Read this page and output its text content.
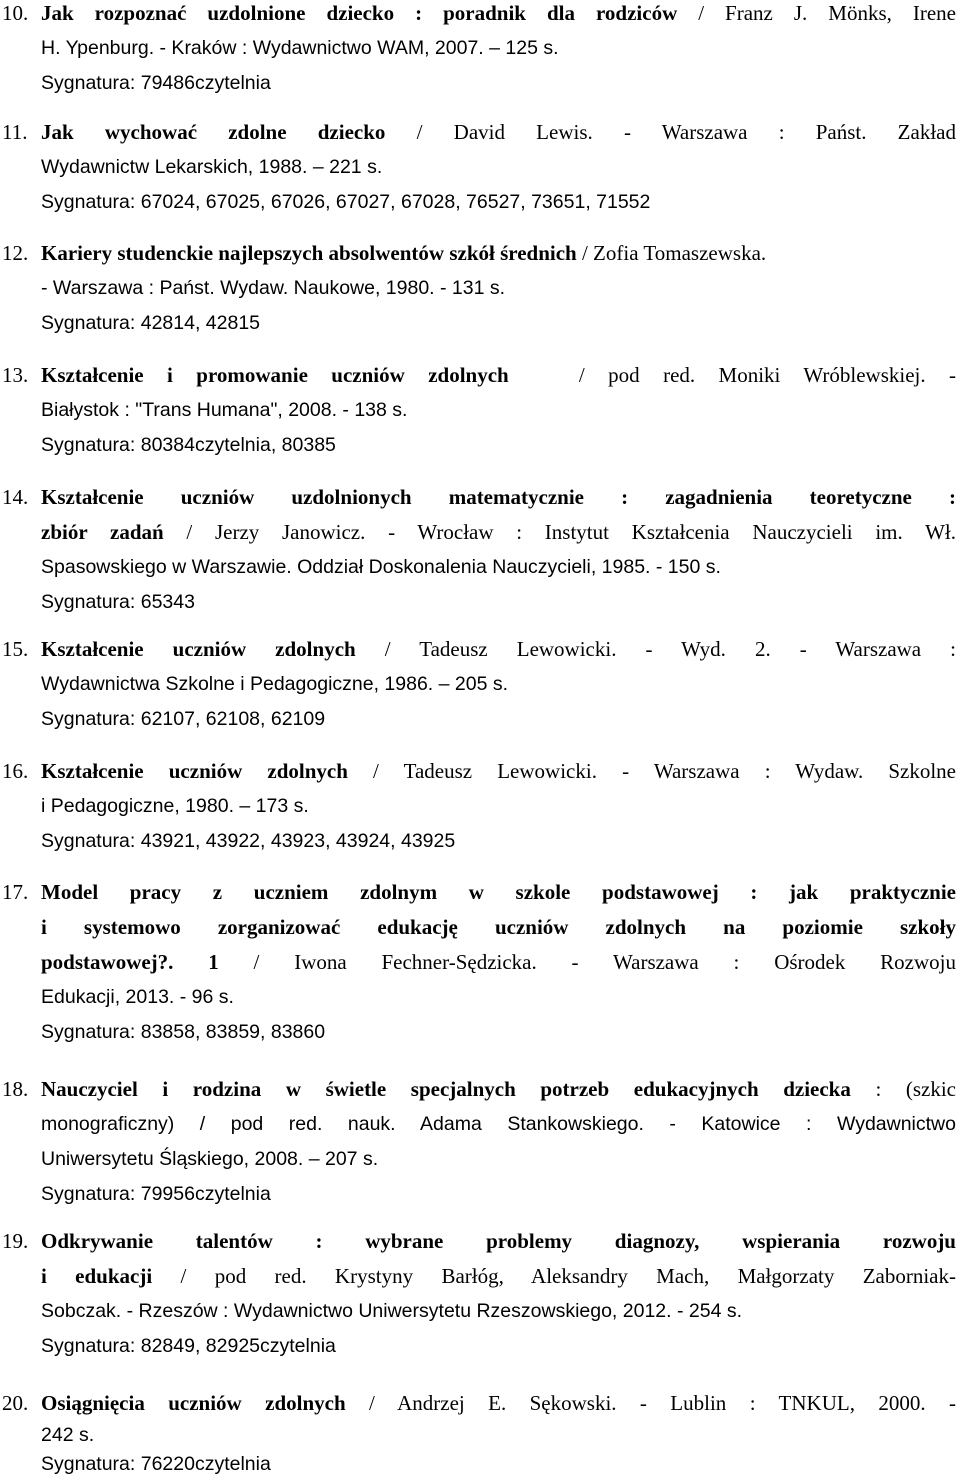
10. Jak rozpoznać uzdolnione dziecko : poradnik dla rodziców / Franz J. Mönks, Irene
H. Ypenburg. - Kraków : Wydawnictwo WAM, 2007. – 125 s.
Sygnatura: 79486czytelnia
11. Jak wychować zdolne dziecko / David Lewis. - Warszawa : Państ. Zakład
Wydawnictw Lekarskich, 1988. – 221 s.
Sygnatura: 67024, 67025, 67026, 67027, 67028, 76527, 73651, 71552
12. Kariery studenckie najlepszych absolwentów szkół średnich / Zofia Tomaszewska.
- Warszawa : Państ. Wydaw. Naukowe, 1980. - 131 s.
Sygnatura: 42814, 42815
13. Kształcenie i promowanie uczniów zdolnych   / pod red. Moniki Wróblewskiej. -
Białystok : "Trans Humana", 2008. - 138 s.
Sygnatura: 80384czytelnia, 80385
14. Kształcenie uczniów uzdolnionych matematycznie : zagadnienia teoretyczne :
zbiór zadań / Jerzy Janowicz. - Wrocław : Instytut Kształcenia Nauczycieli im. Wł.
Spasowskiego w Warszawie. Oddział Doskonalenia Nauczycieli, 1985. - 150 s.
Sygnatura: 65343
15. Kształcenie uczniów zdolnych / Tadeusz Lewowicki. - Wyd. 2. - Warszawa :
Wydawnictwa Szkolne i Pedagogiczne, 1986. – 205 s.
Sygnatura: 62107, 62108, 62109
16. Kształcenie uczniów zdolnych / Tadeusz Lewowicki. - Warszawa : Wydaw. Szkolne
i Pedagogiczne, 1980. – 173 s.
Sygnatura: 43921, 43922, 43923, 43924, 43925
17. Model pracy z uczniem zdolnym w szkole podstawowej : jak praktycznie
i systemowo zorganizować edukację uczniów zdolnych na poziomie szkoły
podstawowej?. 1 / Iwona Fechner-Sędzicka. - Warszawa : Ośrodek Rozwoju
Edukacji, 2013. - 96 s.
Sygnatura: 83858, 83859, 83860
18. Nauczyciel i rodzina w świetle specjalnych potrzeb edukacyjnych dziecka : (szkic
monograficzny) / pod red. nauk. Adama Stankowskiego. - Katowice : Wydawnictwo
Uniwersytetu Śląskiego, 2008. – 207 s.
Sygnatura: 79956czytelnia
19. Odkrywanie talentów : wybrane problemy diagnozy, wspierania rozwoju
i edukacji / pod red. Krystyny Barłóg, Aleksandry Mach, Małgorzaty Zaborniak-
Sobczak. - Rzeszów : Wydawnictwo Uniwersytetu Rzeszowskiego, 2012. - 254 s.
Sygnatura: 82849, 82925czytelnia
20. Osiągnięcia uczniów zdolnych / Andrzej E. Sękowski. - Lublin : TNKUL, 2000. -
242 s.
Sygnatura: 76220czytelnia
